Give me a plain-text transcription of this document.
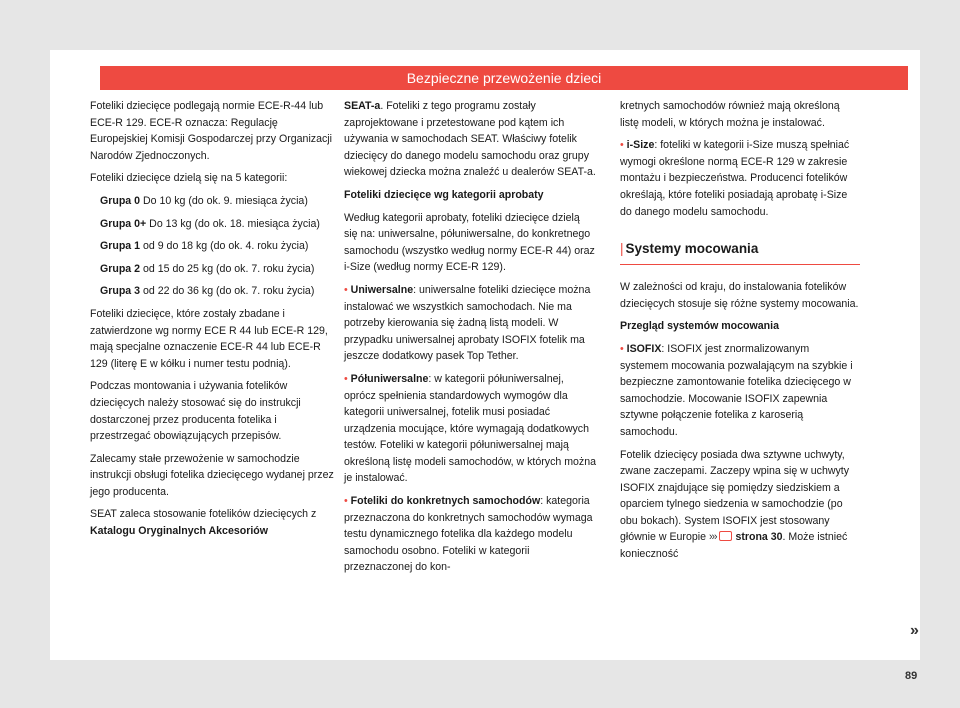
Bezpieczne przewożenie dzieci

Foteliki dziecięce podlegają normie ECE-R-44 lub ECE-R 129. ECE-R oznacza: Regulację Europejskiej Komisji Gospodarczej przy Organizacji Narodów Zjednoczonych.

Foteliki dziecięce dzielą się na 5 kategorii:

Grupa 0 Do 10 kg (do ok. 9. miesiąca życia)

Grupa 0+ Do 13 kg (do ok. 18. miesiąca życia)

Grupa 1 od 9 do 18 kg (do ok. 4. roku życia)

Grupa 2 od 15 do 25 kg (do ok. 7. roku życia)

Grupa 3 od 22 do 36 kg (do ok. 7. roku życia)

Foteliki dziecięce, które zostały zbadane i zatwierdzone wg normy ECE R 44 lub ECE-R 129, mają specjalne oznaczenie ECE-R 44 lub ECE-R 129 (literę E w kółku i numer testu podnią).

Podczas montowania i używania fotelików dziecięcych należy stosować się do instrukcji dostarczonej przez producenta fotelika i przestrzegać obowiązujących przepisów.

Zalecamy stałe przewożenie w samochodzie instrukcji obsługi fotelika dziecięcego wydanej przez jego producenta.

SEAT zaleca stosowanie fotelików dziecięcych z Katalogu Oryginalnych Akcesoriów

SEAT-a. Foteliki z tego programu zostały zaprojektowane i przetestowane pod kątem ich używania w samochodach SEAT. Właściwy fotelik dziecięcy do danego modelu samochodu oraz grupy wiekowej dziecka można znaleźć u dealerów SEAT-a.

Foteliki dziecięce wg kategorii aprobaty

Według kategorii aprobaty, foteliki dziecięce dzielą się na: uniwersalne, półuniwersalne, do konkretnego samochodu (wszystko według normy ECE-R 44) oraz i-Size (według normy ECE-R 129).

• Uniwersalne: uniwersalne foteliki dziecięce można instalować we wszystkich samochodach. Nie ma potrzeby kierowania się żadną listą modeli. W przypadku uniwersalnej aprobaty ISOFIX fotelik ma jeszcze dodatkowy pasek Top Tether.

• Półuniwersalne: w kategorii półuniwersalnej, oprócz spełnienia standardowych wymogów dla kategorii uniwersalnej, fotelik musi posiadać urządzenia mocujące, które wymagają dodatkowych testów. Foteliki w kategorii półuniwersalnej mają określoną listę modeli samochodów, w których można je instalować.

• Foteliki do konkretnych samochodów: kategoria przeznaczona do konkretnych samochodów wymaga testu dynamicznego fotelika dla każdego modelu samochodu osobno. Foteliki w kategorii przeznaczonej do kon-

kretnych samochodów również mają określoną listę modeli, w których można je instalować.

• i-Size: foteliki w kategorii i-Size muszą spełniać wymogi określone normą ECE-R 129 w zakresie montażu i bezpieczeństwa. Producenci fotelików określają, które foteliki posiadają aprobatę i-Size do danego modelu samochodu.

| Systemy mocowania

W zależności od kraju, do instalowania fotelików dziecięcych stosuje się różne systemy mocowania.

Przegląd systemów mocowania

• ISOFIX: ISOFIX jest znormalizowanym systemem mocowania pozwalającym na szybkie i bezpieczne zamontowanie fotelika dziecięcego w samochodzie. Mocowanie ISOFIX zapewnia sztywne połączenie fotelika z karoserią samochodu.

Fotelik dziecięcy posiada dwa sztywne uchwyty, zwane zaczepami. Zaczepy wpina się w uchwyty ISOFIX znajdujące się pomiędzy siedziskiem a oparciem tylnego siedzenia w samochodzie (po obu bokach). System ISOFIX jest stosowany głównie w Europie ››› strona 30. Może istnieć konieczność

»
89
